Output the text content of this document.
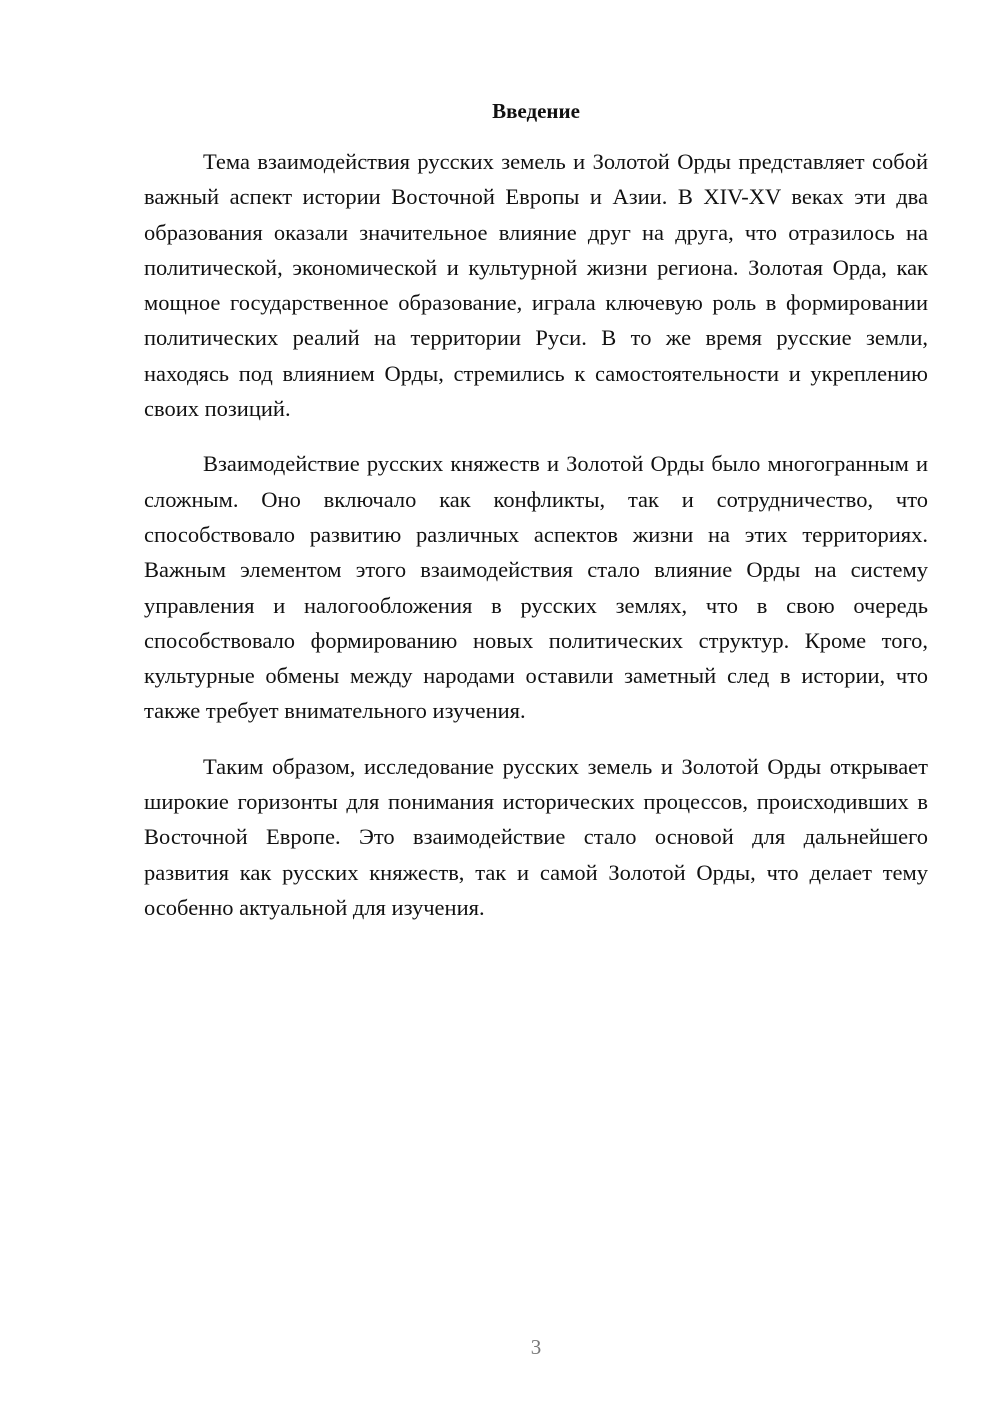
Введение

Тема взаимодействия русских земель и Золотой Орды представляет собой важный аспект истории Восточной Европы и Азии. В XIV-XV веках эти два образования оказали значительное влияние друг на друга, что отразилось на политической, экономической и культурной жизни региона. Золотая Орда, как мощное государственное образование, играла ключевую роль в формировании политических реалий на территории Руси. В то же время русские земли, находясь под влиянием Орды, стремились к самостоятельности и укреплению своих позиций.

Взаимодействие русских княжеств и Золотой Орды было многогранным и сложным. Оно включало как конфликты, так и сотрудничество, что способствовало развитию различных аспектов жизни на этих территориях. Важным элементом этого взаимодействия стало влияние Орды на систему управления и налогообложения в русских землях, что в свою очередь способствовало формированию новых политических структур. Кроме того, культурные обмены между народами оставили заметный след в истории, что также требует внимательного изучения.

Таким образом, исследование русских земель и Золотой Орды открывает широкие горизонты для понимания исторических процессов, происходивших в Восточной Европе. Это взаимодействие стало основой для дальнейшего развития как русских княжеств, так и самой Золотой Орды, что делает тему особенно актуальной для изучения.

3
